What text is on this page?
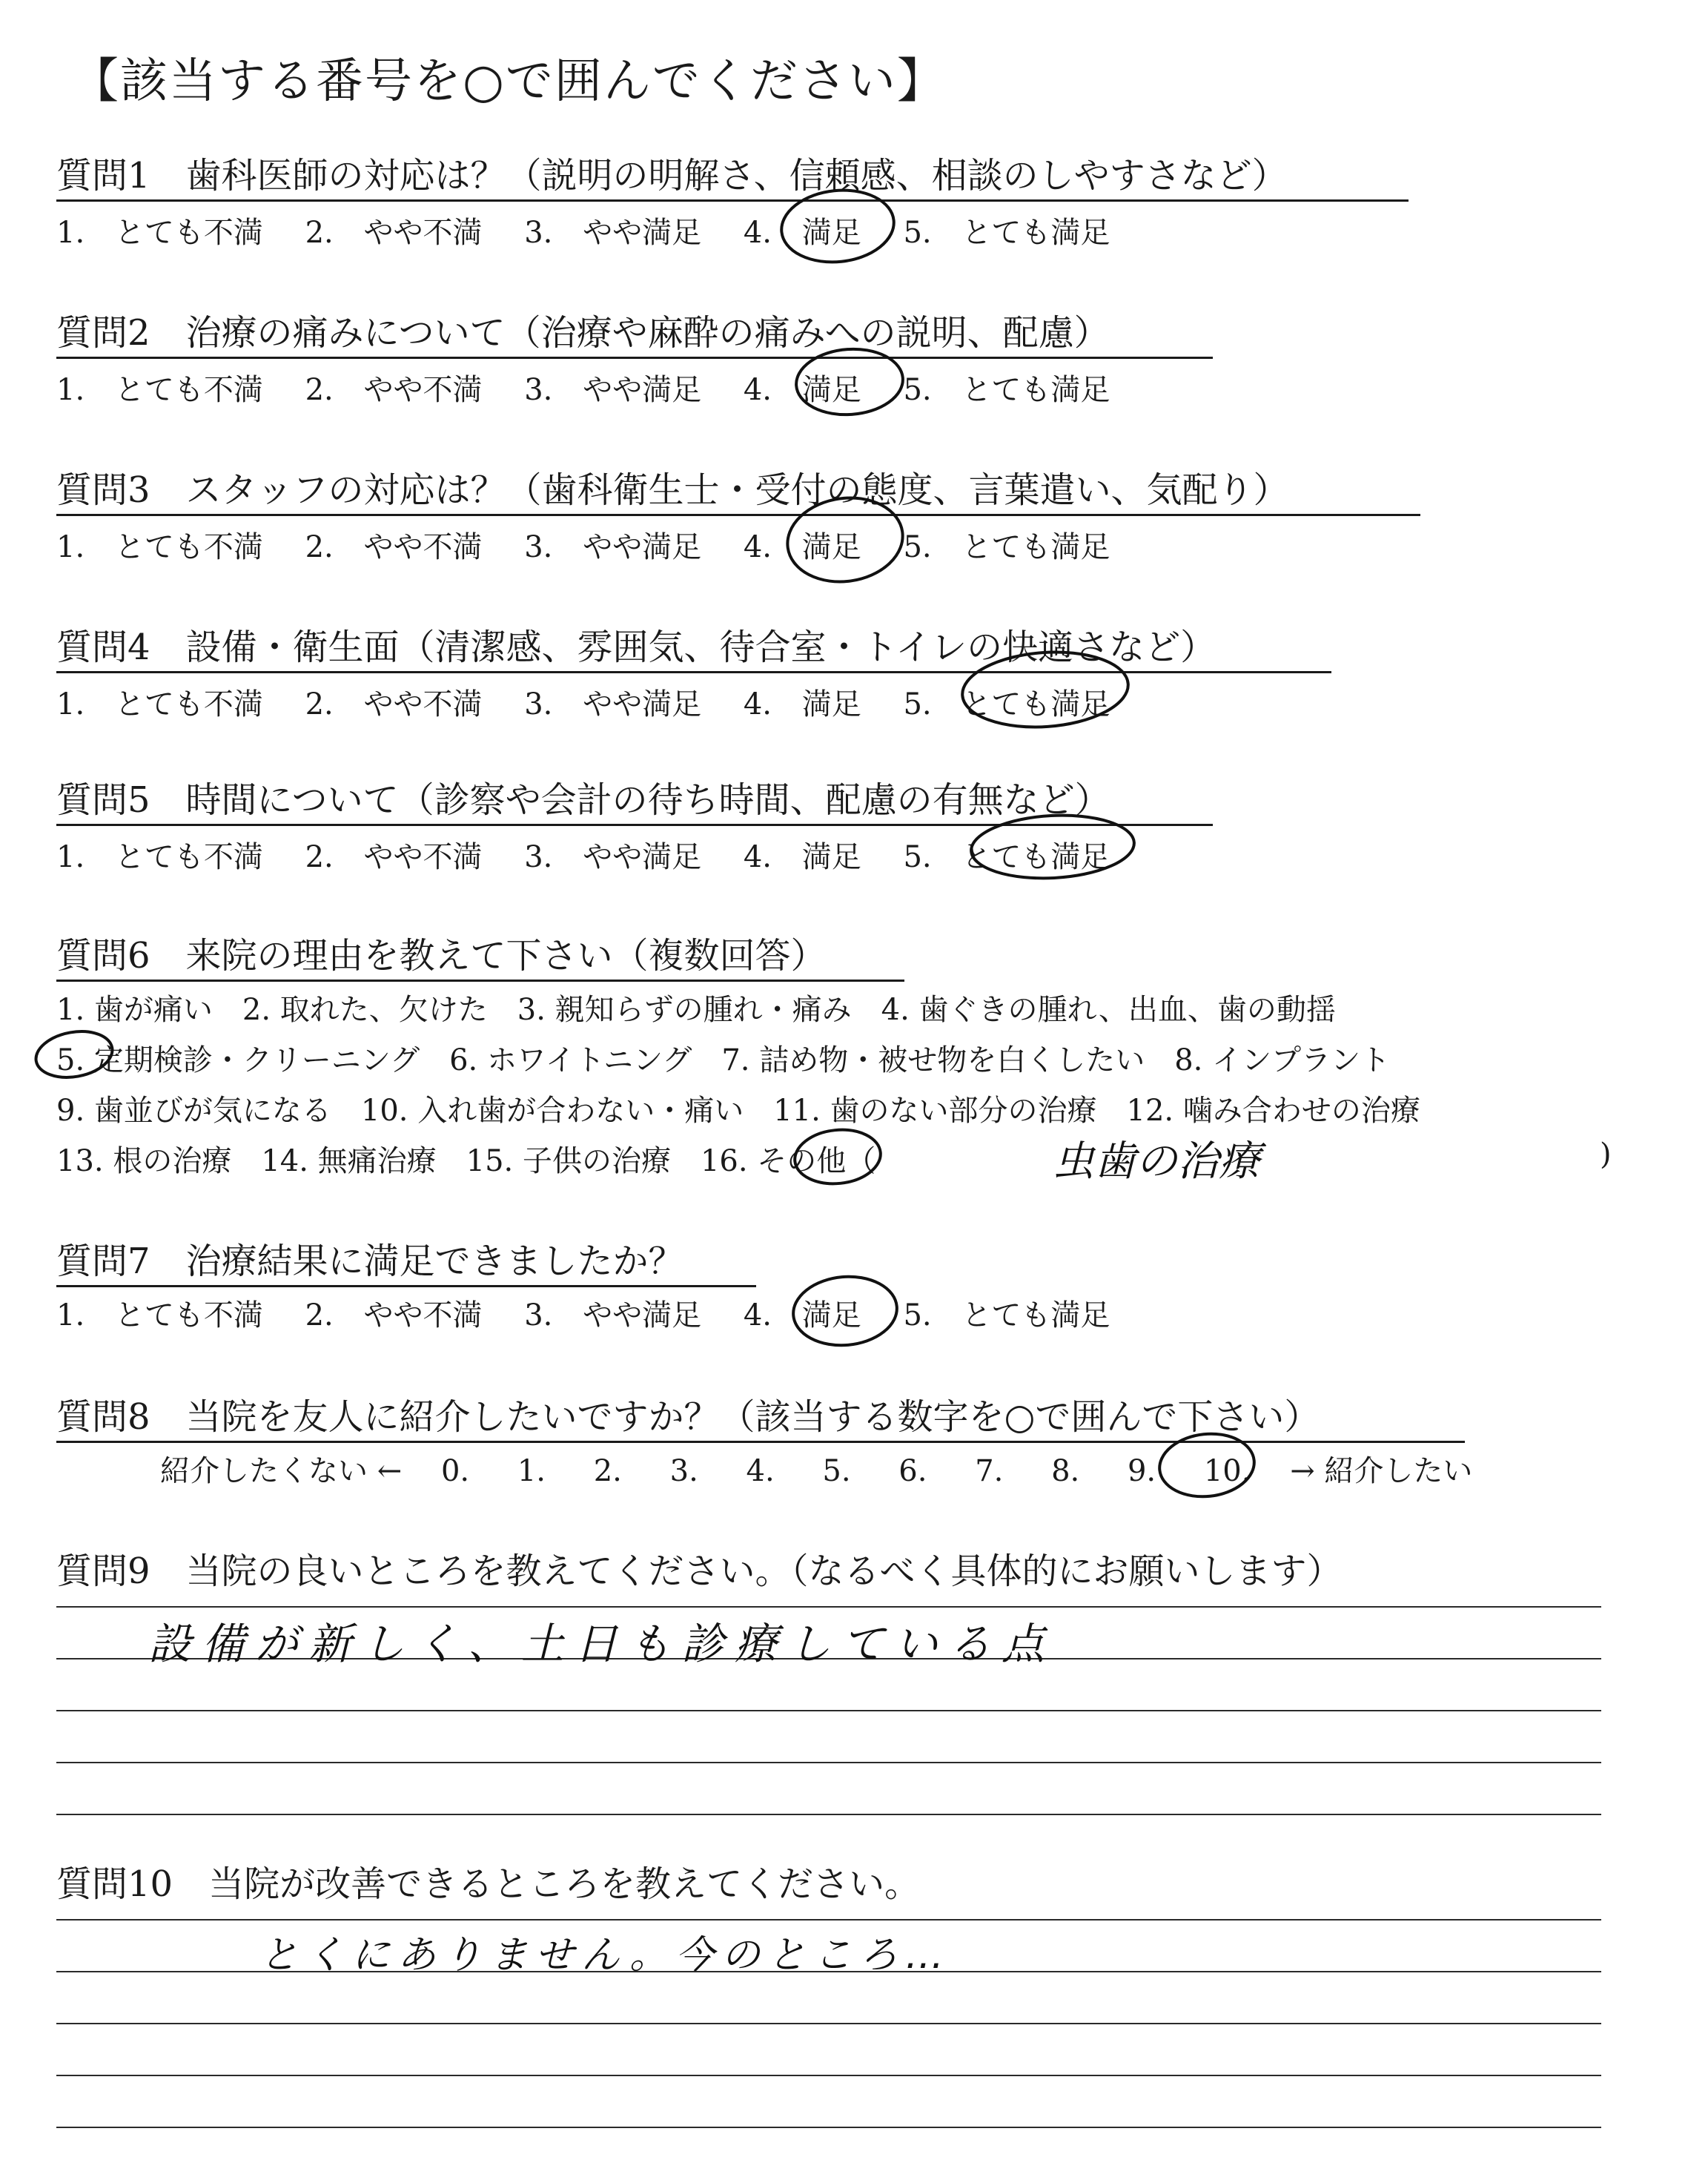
【該当する番号を○で囲んでください】
質問1　歯科医師の対応は？（説明の明解さ、信頼感、相談のしやすさなど）
1. とても不満 2. やや不満 3. やや満足 4. 満足 5. とても満足
質問2　治療の痛みについて（治療や麻酔の痛みへの説明、配慮）
1. とても不満 2. やや不満 3. やや満足 4. 満足 5. とても満足
質問3　スタッフの対応は？（歯科衛生士・受付の態度、言葉遣い、気配り）
1. とても不満 2. やや不満 3. やや満足 4. 満足 5. とても満足
質問4　設備・衛生面（清潔感、雰囲気、待合室・トイレの快適さなど）
1. とても不満 2. やや不満 3. やや満足 4. 満足 5. とても満足
質問5　時間について（診察や会計の待ち時間、配慮の有無など）
1. とても不満 2. やや不満 3. やや満足 4. 満足 5. とても満足
質問6　来院の理由を教えて下さい（複数回答）
1. 歯が痛い　2. 取れた、欠けた　3. 親知らずの腫れ・痛み　4. 歯ぐきの腫れ、出血、歯の動揺
5. 定期検診・クリーニング　6. ホワイトニング　7. 詰め物・被せ物を白くしたい　8. インプラント
9. 歯並びが気になる　10. 入れ歯が合わない・痛い　11. 歯のない部分の治療　12. 噛み合わせの治療
13. 根の治療　14. 無痛治療　15. 子供の治療　16. その他（	)
虫歯の治療
質問7　治療結果に満足できましたか？
1. とても不満 2. やや不満 3. やや満足 4. 満足 5. とても満足
質問8　当院を友人に紹介したいですか？（該当する数字を○で囲んで下さい）
紹介したくない ← 0. 1. 2. 3. 4. 5. 6. 7. 8. 9. 10. → 紹介したい
質問9　当院の良いところを教えてください。（なるべく具体的にお願いします）
設備が新しく、土日も診療している点
質問10　当院が改善できるところを教えてください。
とくにありません。今のところ…
